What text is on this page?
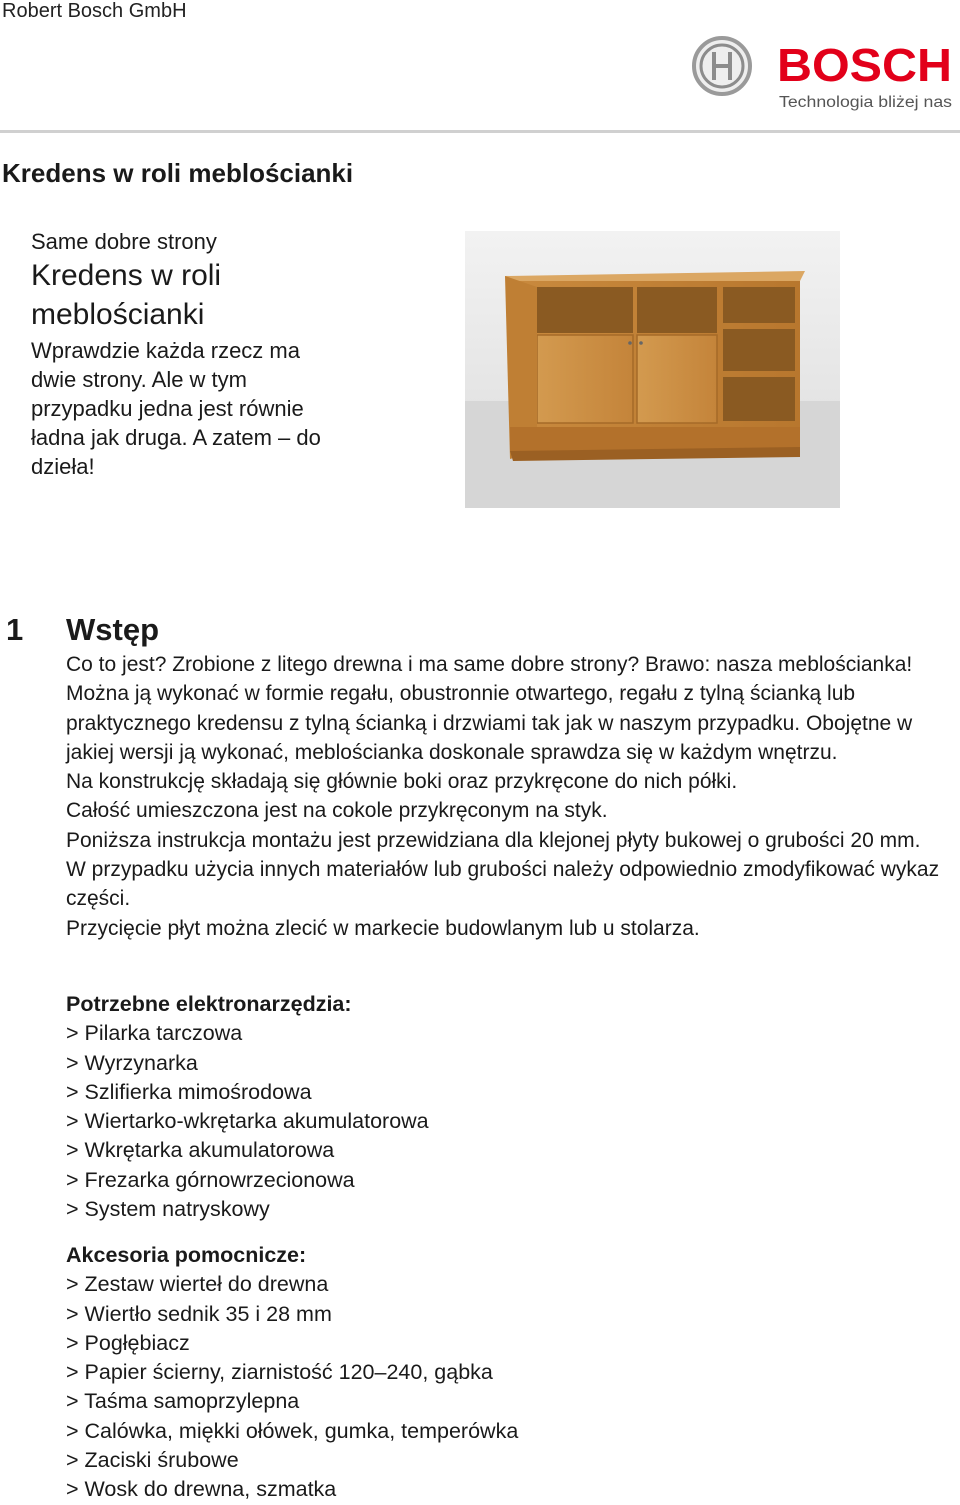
Robert Bosch GmbH
BOSCH
Technologia bliżej nas
Kredens w roli meblościanki
Same dobre strony
Kredens w roli meblościanki
Wprawdzie każda rzecz ma dwie strony. Ale w tym przypadku jedna jest równie ładna jak druga. A zatem – do dzieła!
1 Wstęp

Co to jest? Zrobione z litego drewna i ma same dobre strony? Brawo: nasza meblościanka! Można ją wykonać w formie regału, obustronnie otwartego, regału z tylną ścianką lub praktycznego kredensu z tylną ścianką i drzwiami tak jak w naszym przypadku. Obojętne w jakiej wersji ją wykonać, meblościanka doskonale sprawdza się w każdym wnętrzu.

Na konstrukcję składają się głównie boki oraz przykręcone do nich półki.

Całość umieszczona jest na cokole przykręconym na styk.

Poniższa instrukcja montażu jest przewidziana dla klejonej płyty bukowej o grubości 20 mm. W przypadku użycia innych materiałów lub grubości należy odpowiednio zmodyfikować wykaz części.

Przycięcie płyt można zlecić w markecie budowlanym lub u stolarza.

Potrzebne elektronarzędzia:
> Pilarka tarczowa
> Wyrzynarka
> Szlifierka mimośrodowa
> Wiertarko-wkrętarka akumulatorowa
> Wkrętarka akumulatorowa
> Frezarka górnowrzecionowa
> System natryskowy
Akcesoria pomocnicze:
> Zestaw wierteł do drewna
> Wiertło sednik 35 i 28 mm
> Pogłębiacz
> Papier ścierny, ziarnistość 120–240, gąbka
> Taśma samoprzylepna
> Calówka, miękki ołówek, gumka, temperówka
> Zaciski śrubowe
> Wosk do drewna, szmatka
